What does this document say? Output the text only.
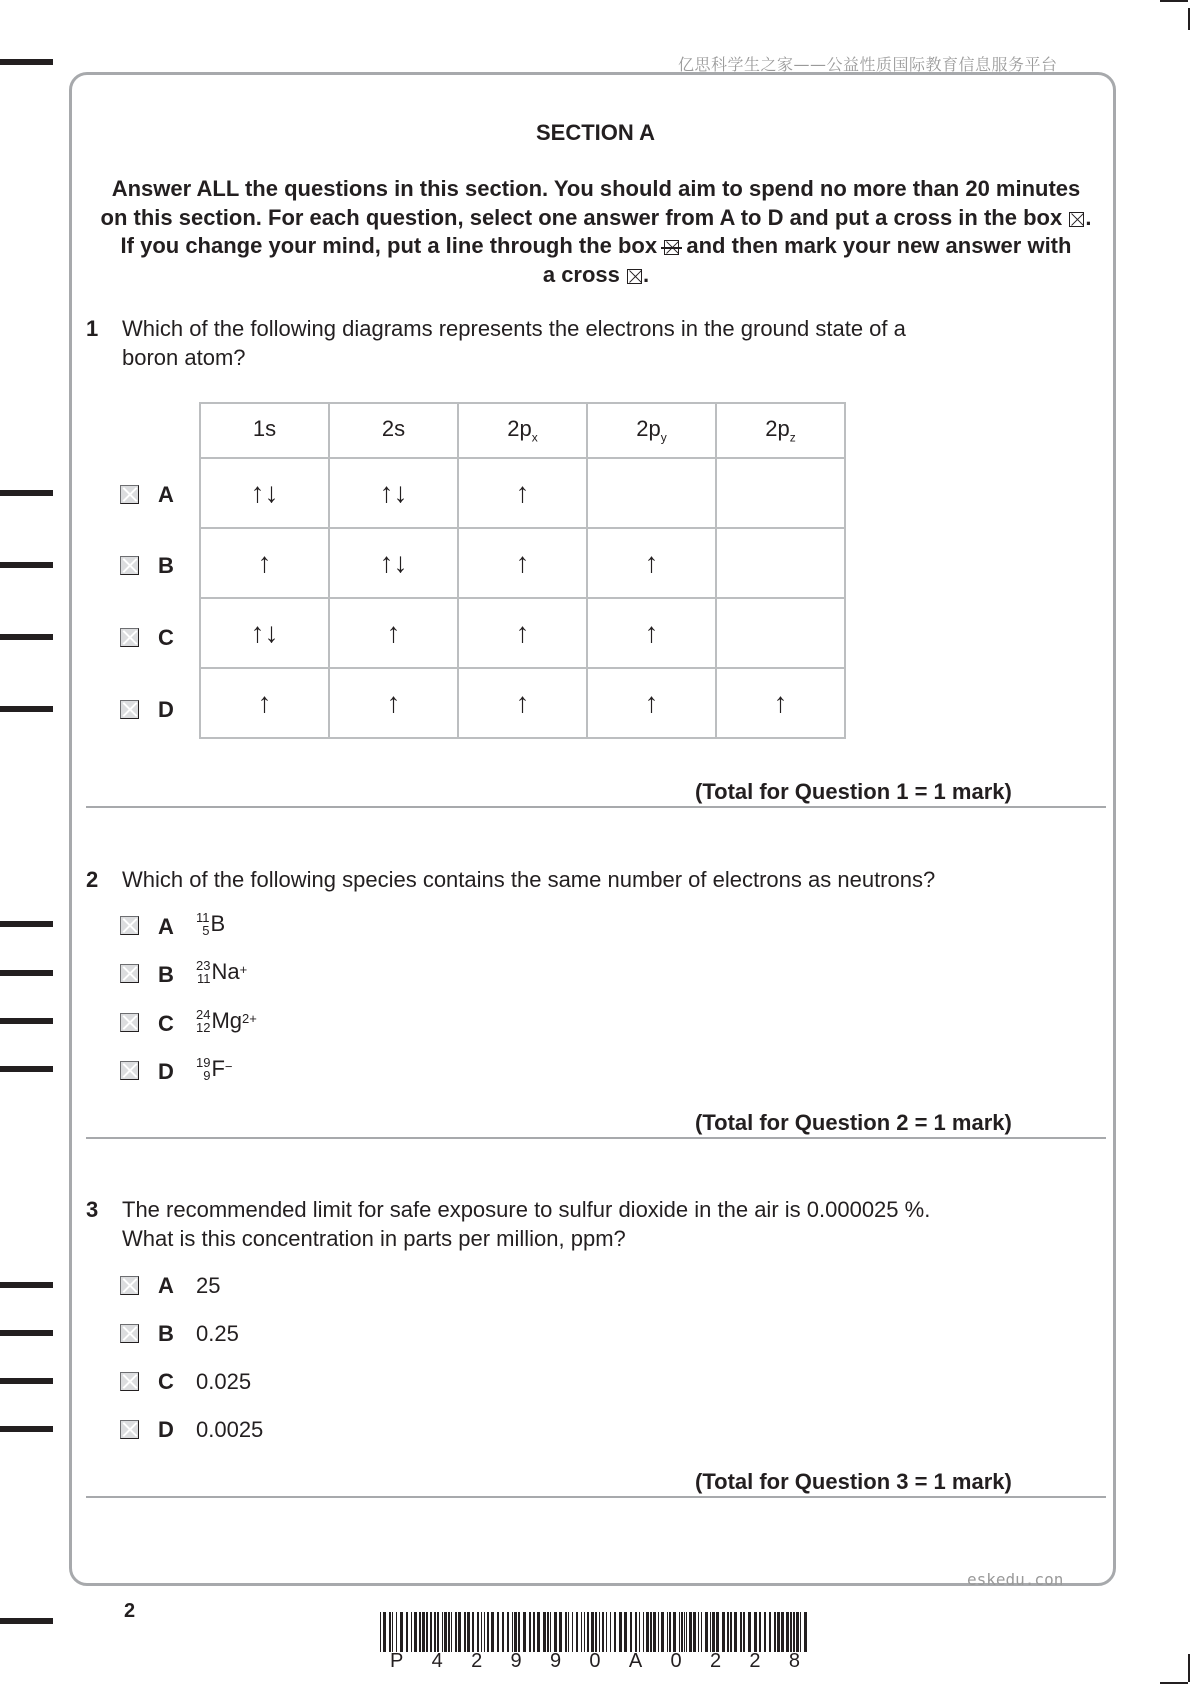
亿思科学生之家——公益性质国际教育信息服务平台
SECTION A
Answer ALL the questions in this section. You should aim to spend no more than 20 minutes
on this section. For each question, select one answer from A to D and put a cross in the box ☒.
If you change your mind, put a line through the box and then mark your new answer with
a cross ☒.
1 Which of the following diagrams represents the electrons in the ground state of a
boron atom?
1s	2s	$2p_x$	$2p_y$	$2p_z$
↑↓	↑↓	↑		
↑	↑↓	↑	↑	
↑↓	↑	↑	↑	
↑	↑	↑	↑	↑
A
B
C
D
(Total for Question 1 = 1 mark)
2 Which of the following species contains the same number of electrons as neutrons?
A 11
5 B
B 23
11 Na+
C 24
12 $Mg^{2+}$
D 19
9 F−
(Total for Question 2 = 1 mark)
3 The recommended limit for safe exposure to sulfur dioxide in the air is 0.000025 %.
What is this concentration in parts per million, ppm?
A 25
B 0.25
C 0.025
D 0.0025
(Total for Question 3 = 1 mark)
eskedu.con
2
P 4 2 9 9 0 A 0 2 2 8
